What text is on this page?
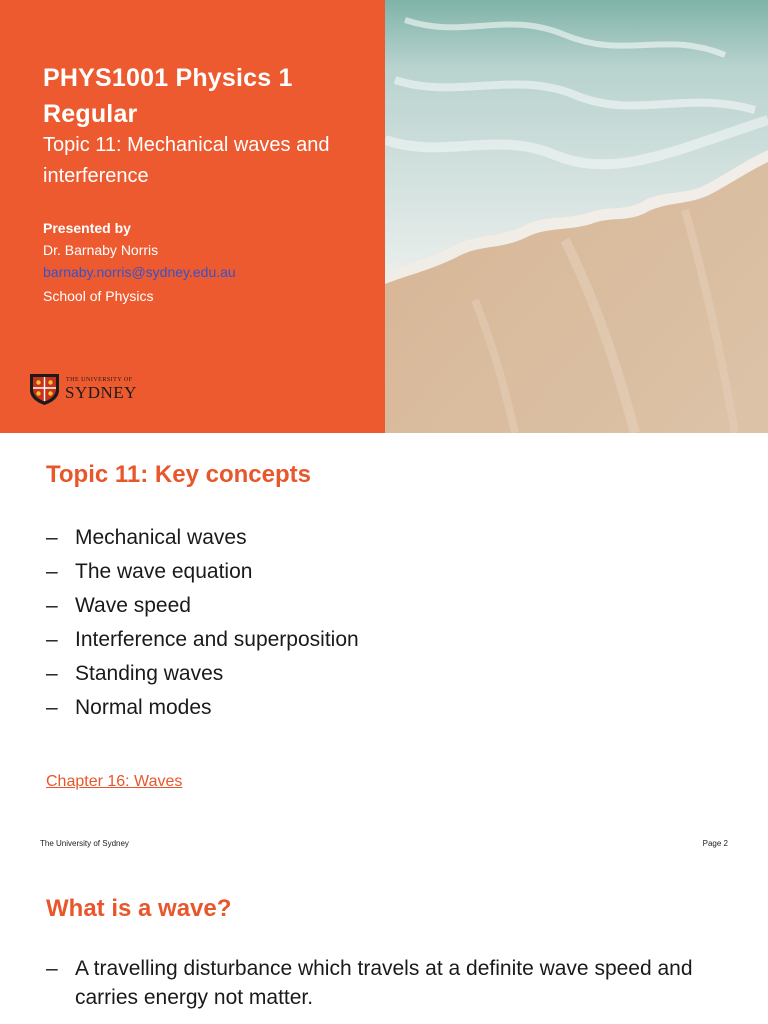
PHYS1001 Physics 1 Regular
Topic 11: Mechanical waves and interference
Presented by
Dr. Barnaby Norris
barnaby.norris@sydney.edu.au
School of Physics
THE UNIVERSITY OF
SYDNEY
Topic 11: Key concepts
– Mechanical waves
– The wave equation
– Wave speed
– Interference and superposition
– Standing waves
– Normal modes
Chapter 16: Waves
The University of Sydney	Page 2
What is a wave?
– A travelling disturbance which travels at a definite wave speed and carries energy not matter.
